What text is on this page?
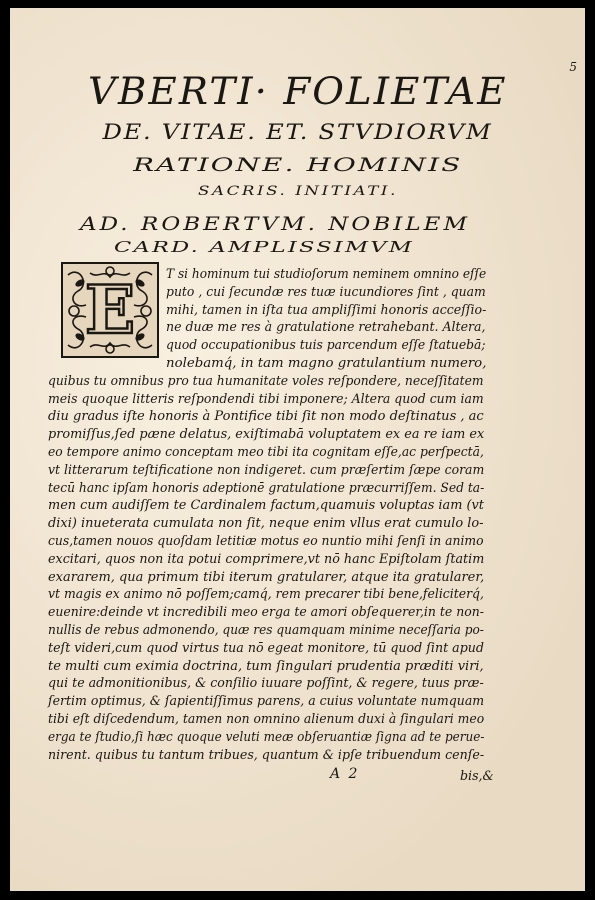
5
VBERTI· FOLIETAE
DE. VITAE. ET. STVDIORVM
RATIONE. HOMINIS
SACRIS. INITIATI.
AD. ROBERTVM. NOBILEM
CARD. AMPLISSIMVM
E T si hominum tui studioſorum neminem omnino eſſe
puto , cui ſecundæ res tuæ iucundiores ſint , quam
mihi, tamen in iſta tua ampliſſimi honoris acceſſio-
ne duæ me res à gratulatione retrahebant. Altera,
quod occupationibus tuis parcendum eſſe ſtatuebā;
nolebamq́, in tam magno gratulantium numero,
quibus tu omnibus pro tua humanitate voles reſpondere, neceſſitatem
meis quoque litteris reſpondendi tibi imponere; Altera quod cum iam
diu gradus iſte honoris à Pontifice tibi ſit non modo deſtinatus , ac
promiſſus,ſed pæne delatus, exiſtimabā voluptatem ex ea re iam ex
eo tempore animo conceptam meo tibi ita cognitam eſſe,ac perſpectā,
vt litterarum teſtificatione non indigeret. cum præſertim ſæpe coram
tecū hanc ipſam honoris adeptionē gratulatione præcurriſſem. Sed ta-
men cum audiſſem te Cardinalem factum,quamuis voluptas iam (vt
dixi) inueterata cumulata non ſit, neque enim vllus erat cumulo lo-
cus,tamen nouos quoſdam letitiæ motus eo nuntio mihi ſenſi in animo
excitari, quos non ita potui comprimere,vt nō hanc Epiſtolam ſtatim
exararem, qua primum tibi iterum gratularer, atque ita gratularer,
vt magis ex animo nō poſſem;camq́, rem precarer tibi bene,feliciterq́,
euenire:deinde vt incredibili meo erga te amori obſequerer,in te non-
nullis de rebus admonendo, quæ res quamquam minime neceſſaria po-
teſt videri,cum quod virtus tua nō egeat monitore, tū quod ſint apud
te multi cum eximia doctrina, tum ſingulari prudentia præditi viri,
qui te admonitionibus, & conſilio iuuare poſſint, & regere, tuus præ-
ſertim optimus, & ſapientiſſimus parens, a cuius voluntate numquam
tibi eſt diſcedendum, tamen non omnino alienum duxi à ſingulari meo
erga te ſtudio,ſi hæc quoque veluti meæ obſeruantiæ ſigna ad te perue-
nirent. quibus tu tantum tribues, quantum & ipſe tribuendum cenſe-
A 2	bis,&
